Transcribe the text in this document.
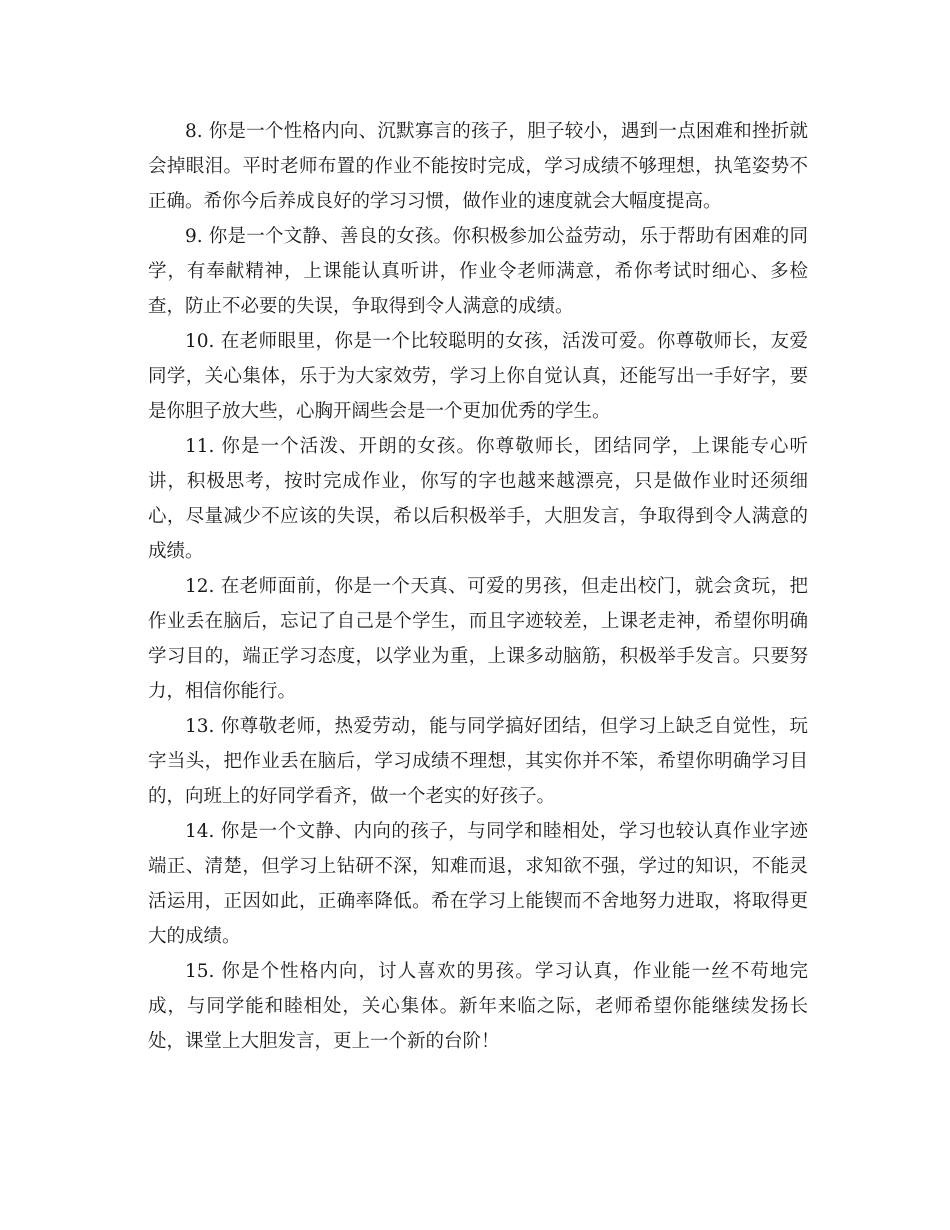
8. 你是一个性格内向、沉默寡言的孩子，胆子较小，遇到一点困难和挫折就会掉眼泪。平时老师布置的作业不能按时完成，学习成绩不够理想，执笔姿势不正确。希你今后养成良好的学习习惯，做作业的速度就会大幅度提高。

9. 你是一个文静、善良的女孩。你积极参加公益劳动，乐于帮助有困难的同学，有奉献精神，上课能认真听讲，作业令老师满意，希你考试时细心、多检查，防止不必要的失误，争取得到令人满意的成绩。

10. 在老师眼里，你是一个比较聪明的女孩，活泼可爱。你尊敬师长，友爱同学，关心集体，乐于为大家效劳，学习上你自觉认真，还能写出一手好字，要是你胆子放大些，心胸开阔些会是一个更加优秀的学生。

11. 你是一个活泼、开朗的女孩。你尊敬师长，团结同学，上课能专心听讲，积极思考，按时完成作业，你写的字也越来越漂亮，只是做作业时还须细心，尽量减少不应该的失误，希以后积极举手，大胆发言，争取得到令人满意的成绩。

12. 在老师面前，你是一个天真、可爱的男孩，但走出校门，就会贪玩，把作业丢在脑后，忘记了自己是个学生，而且字迹较差，上课老走神，希望你明确学习目的，端正学习态度，以学业为重，上课多动脑筋，积极举手发言。只要努力，相信你能行。

13. 你尊敬老师，热爱劳动，能与同学搞好团结，但学习上缺乏自觉性，玩字当头，把作业丢在脑后，学习成绩不理想，其实你并不笨，希望你明确学习目的，向班上的好同学看齐，做一个老实的好孩子。

14. 你是一个文静、内向的孩子，与同学和睦相处，学习也较认真作业字迹端正、清楚，但学习上钻研不深，知难而退，求知欲不强，学过的知识，不能灵活运用，正因如此，正确率降低。希在学习上能锲而不舍地努力进取，将取得更大的成绩。

15. 你是个性格内向，讨人喜欢的男孩。学习认真，作业能一丝不苟地完成，与同学能和睦相处，关心集体。新年来临之际，老师希望你能继续发扬长处，课堂上大胆发言，更上一个新的台阶！
